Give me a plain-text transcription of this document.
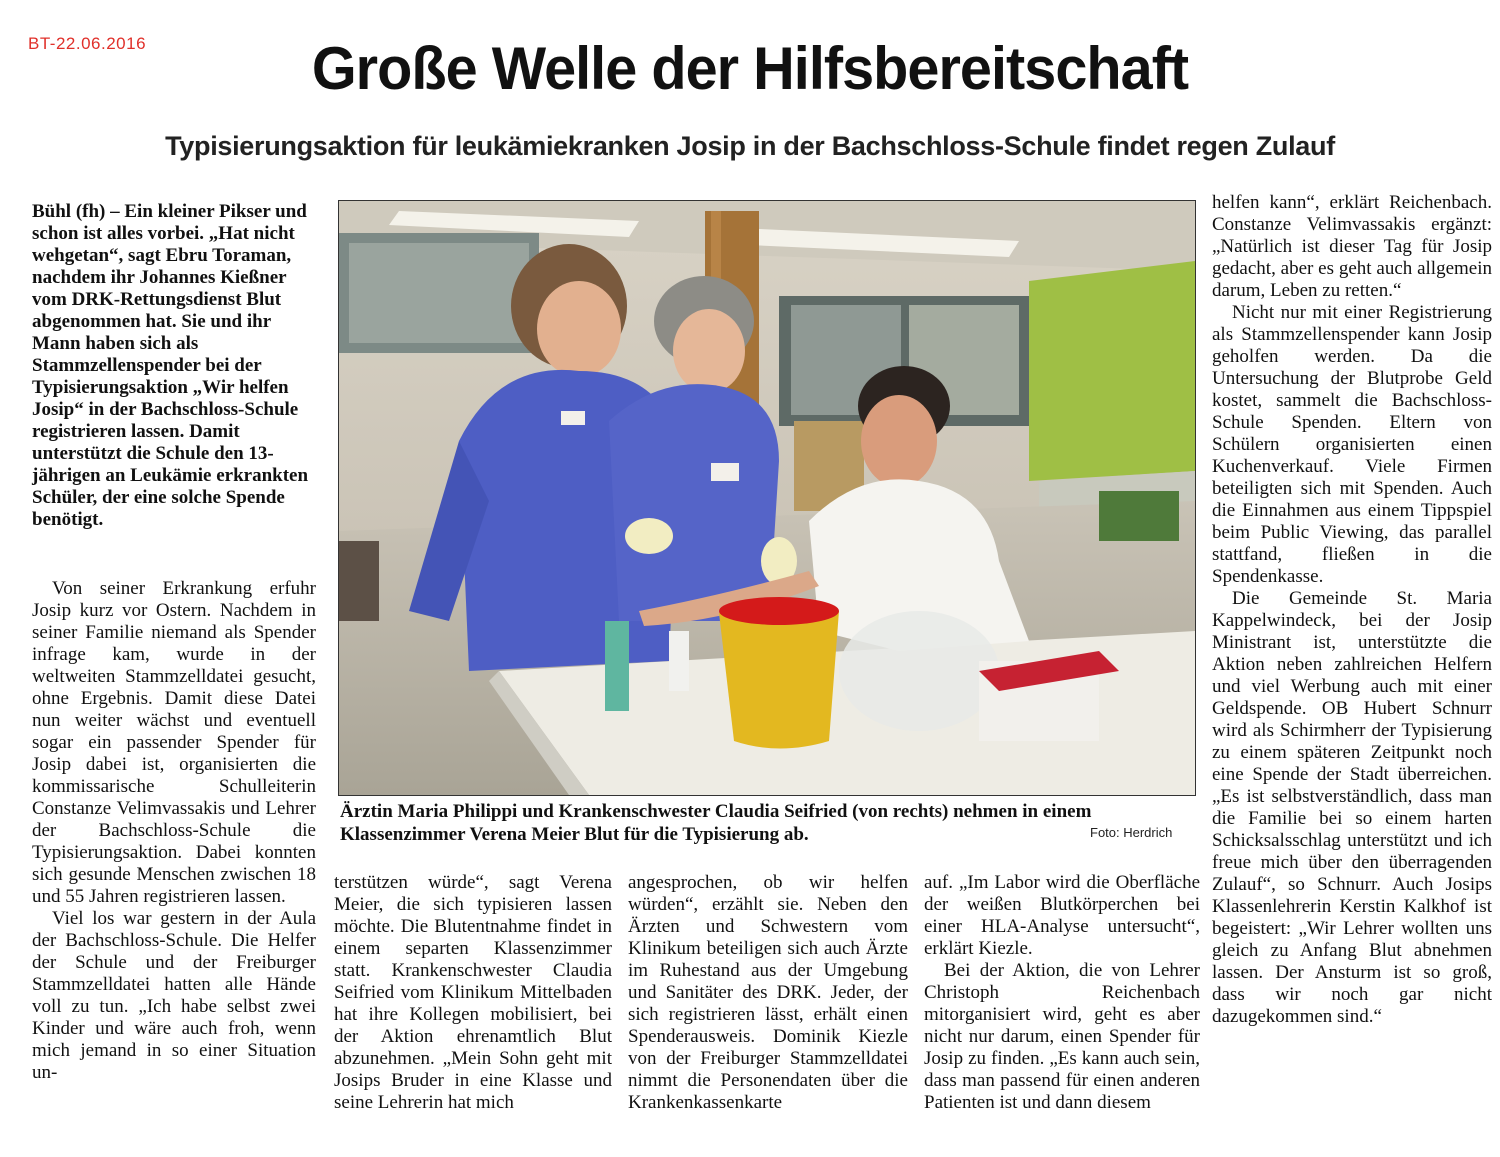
BT-22.06.2016	Große Welle der Hilfsbereitschaft
Typisierungsaktion für leukämiekranken Josip in der Bachschloss-Schule findet regen Zulauf

Bühl (fh) – Ein kleiner Pikser und schon ist alles vorbei. „Hat nicht wehgetan“, sagt Ebru Toraman, nachdem ihr Johannes Kießner vom DRK-Rettungsdienst Blut abgenommen hat. Sie und ihr Mann haben sich als Stammzellenspender bei der Typisierungsaktion „Wir helfen Josip“ in der Bachschloss-Schule registrieren lassen. Damit unterstützt die Schule den 13-jährigen an Leukämie erkrankten Schüler, der eine solche Spende benötigt.

Von seiner Erkrankung erfuhr Josip kurz vor Ostern. Nachdem in seiner Familie niemand als Spender infrage kam, wurde in der weltweiten Stammzelldatei gesucht, ohne Ergebnis. Damit diese Datei nun weiter wächst und eventuell sogar ein passender Spender für Josip dabei ist, organisierten die kommissarische Schulleiterin Constanze Velimvassakis und Lehrer der Bachschloss-Schule die Typisierungsaktion. Dabei konnten sich gesunde Menschen zwischen 18 und 55 Jahren registrieren lassen.

Viel los war gestern in der Aula der Bachschloss-Schule. Die Helfer der Schule und der Freiburger Stammzelldatei hatten alle Hände voll zu tun. „Ich habe selbst zwei Kinder und wäre auch froh, wenn mich jemand in so einer Situation un-

Ärztin Maria Philippi und Krankenschwester Claudia Seifried (von rechts) nehmen in einem Klassenzimmer Verena Meier Blut für die Typisierung ab.	Foto: Herdrich

terstützen würde“, sagt Verena Meier, die sich typisieren lassen möchte. Die Blutentnahme findet in einem separten Klassenzimmer statt. Krankenschwester Claudia Seifried vom Klinikum Mittelbaden hat ihre Kollegen mobilisiert, bei der Aktion ehrenamtlich Blut abzunehmen. „Mein Sohn geht mit Josips Bruder in eine Klasse und seine Lehrerin hat mich

angesprochen, ob wir helfen würden“, erzählt sie. Neben den Ärzten und Schwestern vom Klinikum beteiligen sich auch Ärzte im Ruhestand aus der Umgebung und Sanitäter des DRK. Jeder, der sich registrieren lässt, erhält einen Spenderausweis. Dominik Kiezle von der Freiburger Stammzelldatei nimmt die Personendaten über die Krankenkassenkarte

auf. „Im Labor wird die Oberfläche der weißen Blutkörperchen bei einer HLA-Analyse untersucht“, erklärt Kiezle.

Bei der Aktion, die von Lehrer Christoph Reichenbach mitorganisiert wird, geht es aber nicht nur darum, einen Spender für Josip zu finden. „Es kann auch sein, dass man passend für einen anderen Patienten ist und dann diesem

helfen kann“, erklärt Reichenbach. Constanze Velimvassakis ergänzt: „Natürlich ist dieser Tag für Josip gedacht, aber es geht auch allgemein darum, Leben zu retten.“

Nicht nur mit einer Registrierung als Stammzellenspender kann Josip geholfen werden. Da die Untersuchung der Blutprobe Geld kostet, sammelt die Bachschloss-Schule Spenden. Eltern von Schülern organisierten einen Kuchenverkauf. Viele Firmen beteiligten sich mit Spenden. Auch die Einnahmen aus einem Tippspiel beim Public Viewing, das parallel stattfand, fließen in die Spendenkasse.

Die Gemeinde St. Maria Kappelwindeck, bei der Josip Ministrant ist, unterstützte die Aktion neben zahlreichen Helfern und viel Werbung auch mit einer Geldspende. OB Hubert Schnurr wird als Schirmherr der Typisierung zu einem späteren Zeitpunkt noch eine Spende der Stadt überreichen. „Es ist selbstverständlich, dass man die Familie bei so einem harten Schicksalsschlag unterstützt und ich freue mich über den überragenden Zulauf“, so Schnurr. Auch Josips Klassenlehrerin Kerstin Kalkhof ist begeistert: „Wir Lehrer wollten uns gleich zu Anfang Blut abnehmen lassen. Der Ansturm ist so groß, dass wir noch gar nicht dazugekommen sind.“
